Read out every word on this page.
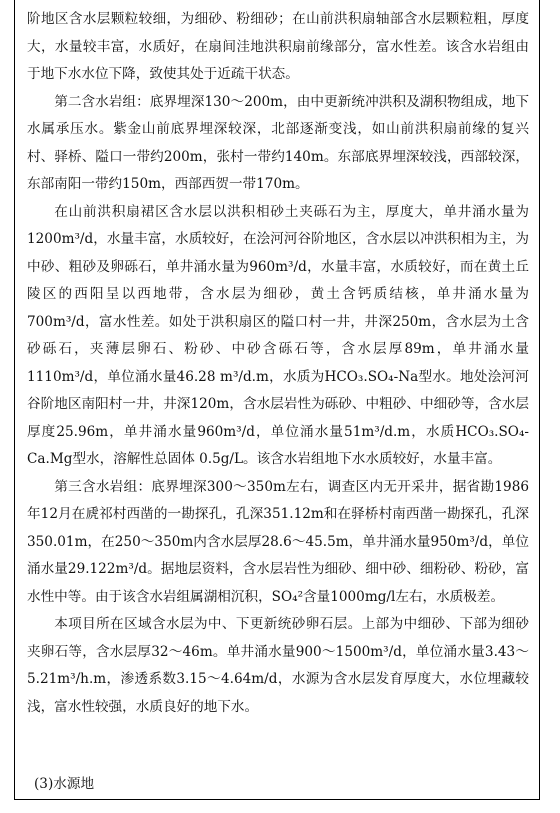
阶地区含水层颗粒较细，为细砂、粉细砂；在山前洪积扇轴部含水层颗粒粗，厚度大，水量较丰富，水质好，在扇间洼地洪积扇前缘部分，富水性差。该含水岩组由于地下水水位下降，致使其处于近疏干状态。

第二含水岩组：底界埋深130～200m，由中更新统冲洪积及湖积物组成，地下水属承压水。紫金山前底界埋深较深，北部逐渐变浅，如山前洪积扇前缘的复兴村、驿桥、隘口一带约200m，张村一带约140m。东部底界埋深较浅，西部较深，东部南阳一带约150m，西部西贺一带170m。

在山前洪积扇裙区含水层以洪积相砂土夹砾石为主，厚度大，单井涌水量为1200m³/d，水量丰富，水质较好，在浍河河谷阶地区，含水层以冲洪积相为主，为中砂、粗砂及卵砾石，单井涌水量为960m³/d，水量丰富，水质较好，而在黄土丘陵区的西阳呈以西地带，含水层为细砂，黄土含钙质结核，单井涌水量为700m³/d，富水性差。如处于洪积扇区的隘口村一井，井深250m，含水层为土含砂砾石，夹薄层卵石、粉砂、中砂含砾石等，含水层厚89m，单井涌水量1110m³/d，单位涌水量46.28 m³/d.m，水质为HCO₃.SO₄-Na型水。地处浍河河谷阶地区南阳村一井，井深120m，含水层岩性为砾砂、中粗砂、中细砂等，含水层厚度25.96m，单井涌水量960m³/d，单位涌水量51m³/d.m，水质HCO₃.SO₄-Ca.Mg型水，溶解性总固体 0.5g/L。该含水岩组地下水水质较好，水量丰富。

第三含水岩组：底界埋深300～350m左右，调查区内无开采井，据省勘1986年12月在虒祁村西凿的一勘探孔，孔深351.12m和在驿桥村南西凿一勘探孔，孔深350.01m，在250～350m内含水层厚28.6～45.5m，单井涌水量950m³/d，单位涌水量29.122m³/d。据地层资料，含水层岩性为细砂、细中砂、细粉砂、粉砂，富水性中等。由于该含水岩组属湖相沉积，SO₄²含量1000mg/l左右，水质极差。

本项目所在区域含水层为中、下更新统砂卵石层。上部为中细砂、下部为细砂夹卵石等，含水层厚32～46m。单井涌水量900～1500m³/d，单位涌水量3.43～5.21m³/h.m，渗透系数3.15～4.64m/d，水源为含水层发育厚度大，水位埋藏较浅，富水性较强，水质良好的地下水。

(3)水源地
